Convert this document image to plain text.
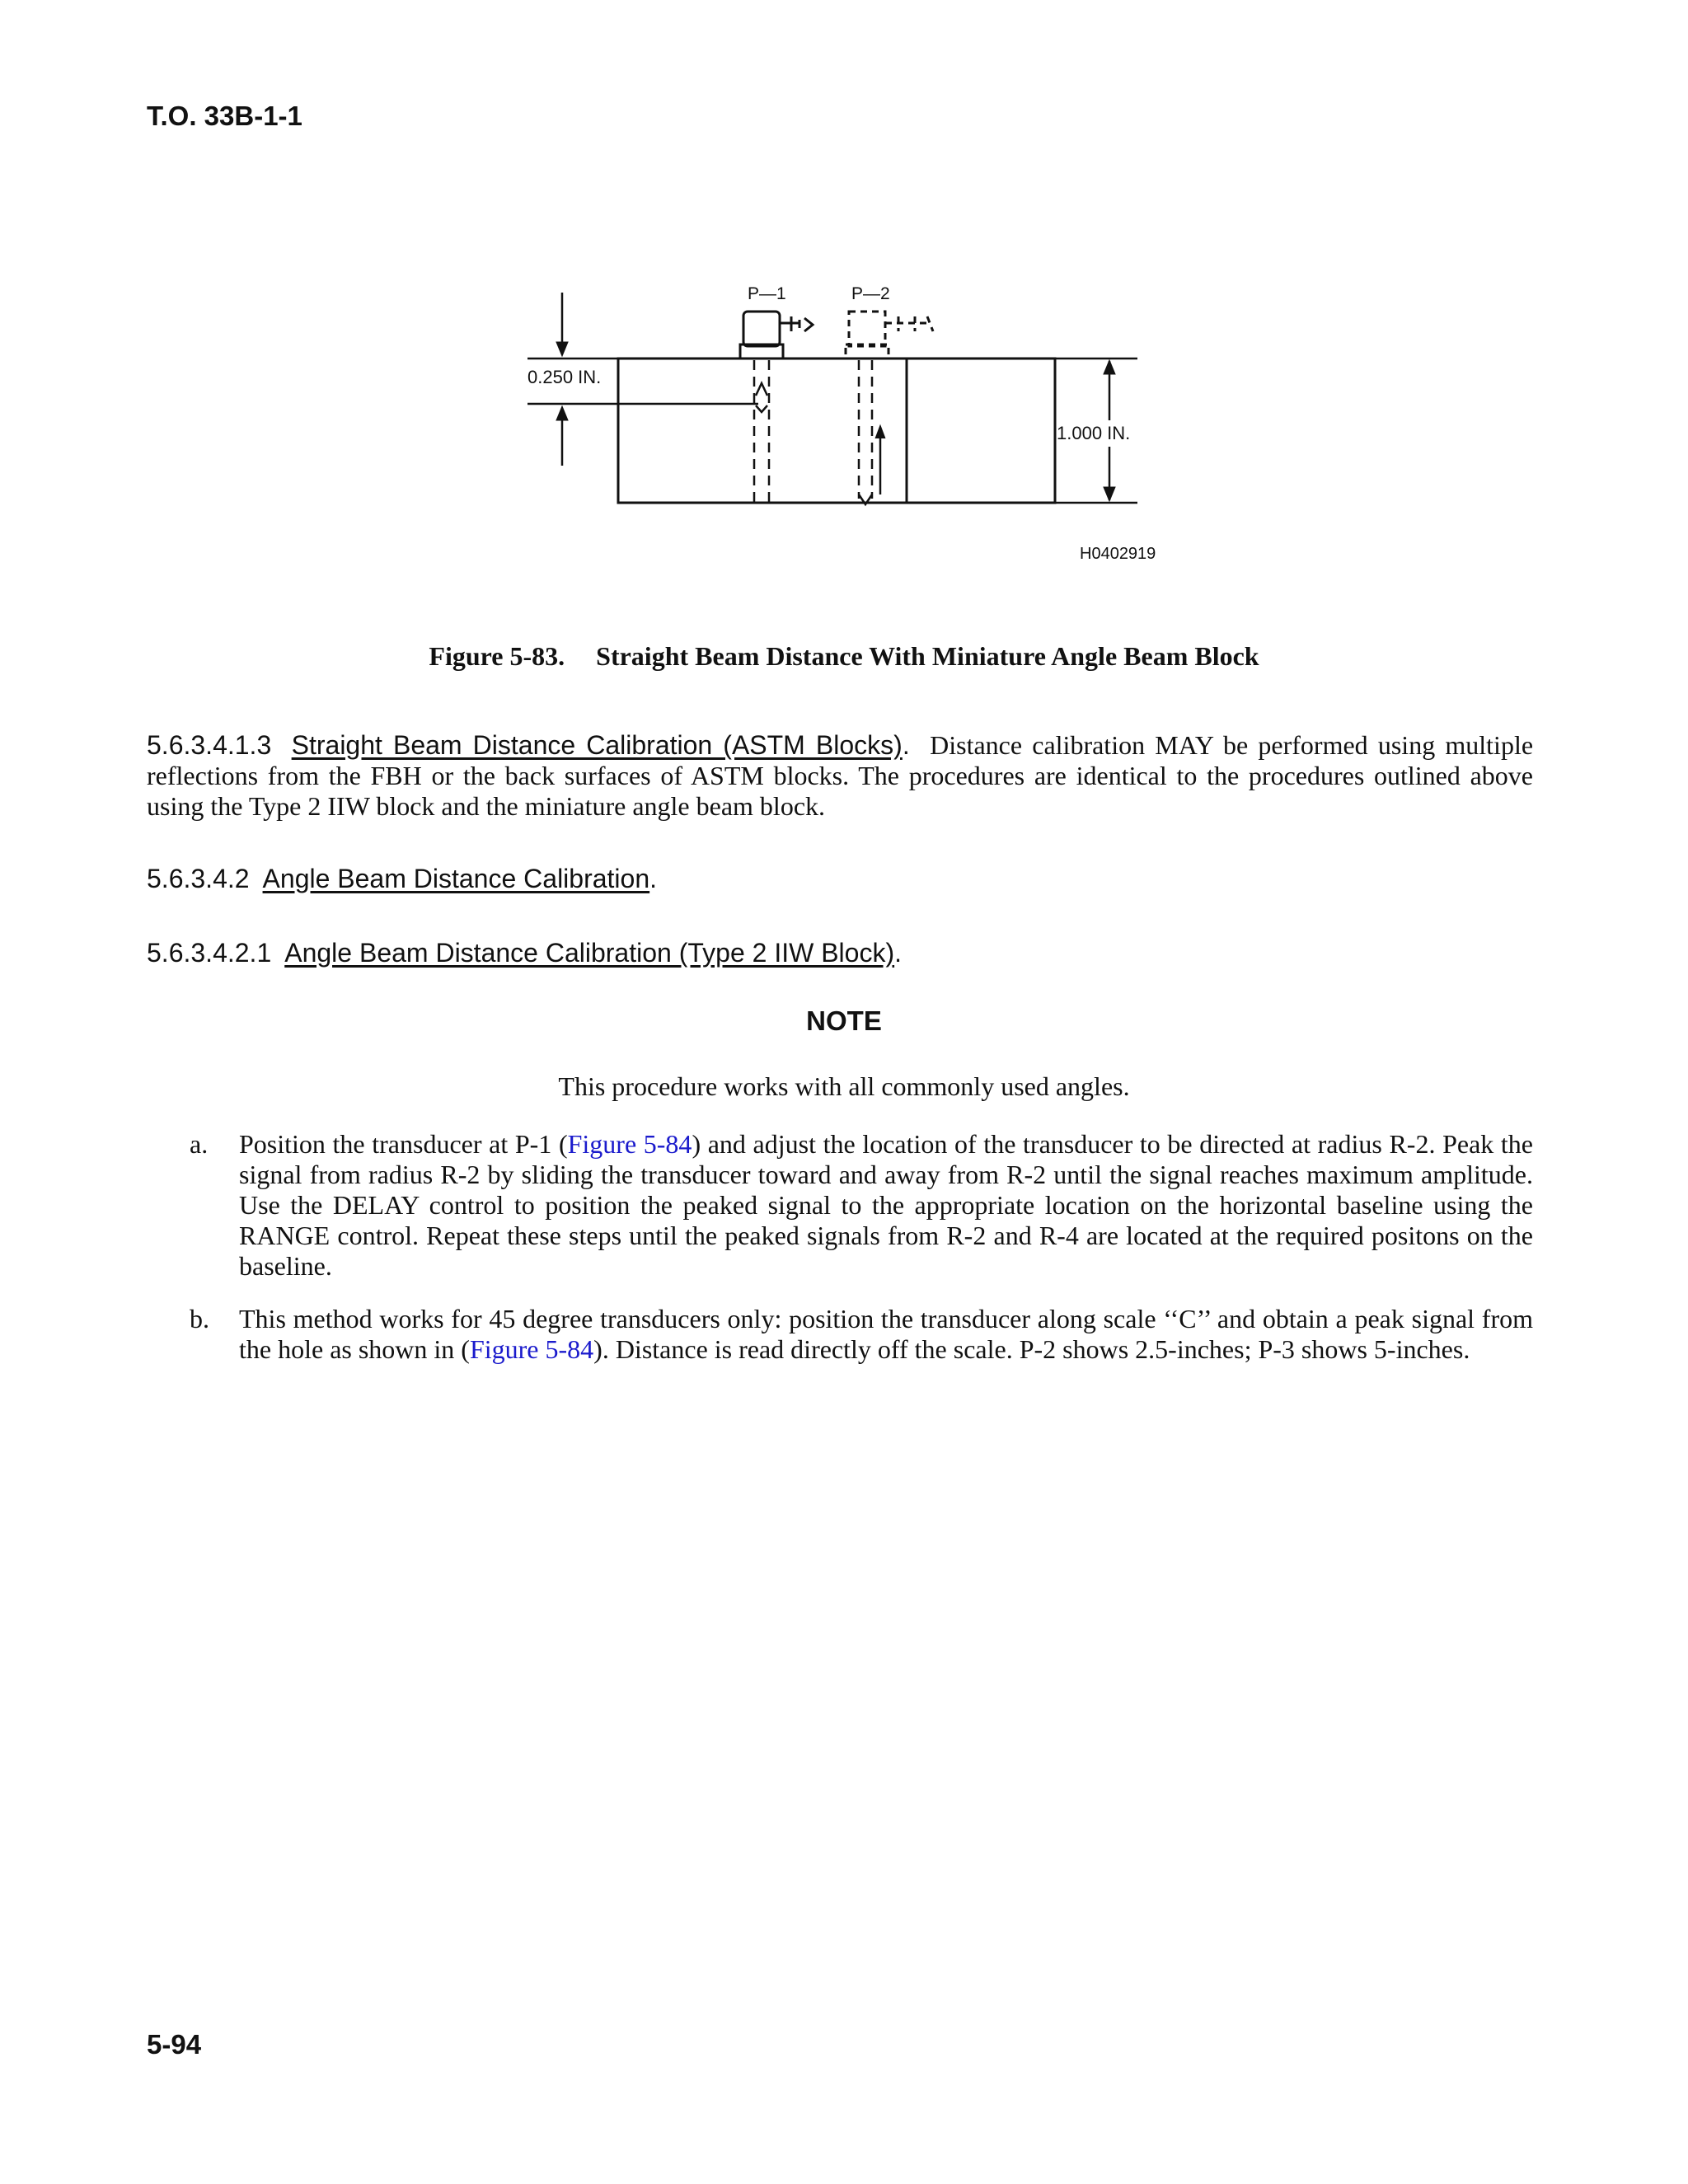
T.O. 33B-1-1
P—1	P—2
0.250 IN.
1.000 IN.
H0402919
Figure 5-83. Straight Beam Distance With Miniature Angle Beam Block
5.6.3.4.1.3 Straight Beam Distance Calibration (ASTM Blocks). Distance calibration MAY be performed using multiple reflections from the FBH or the back surfaces of ASTM blocks. The procedures are identical to the procedures outlined above using the Type 2 IIW block and the miniature angle beam block.
5.6.3.4.2 Angle Beam Distance Calibration.
5.6.3.4.2.1 Angle Beam Distance Calibration (Type 2 IIW Block).
NOTE
This procedure works with all commonly used angles.
a.	Position the transducer at P-1 (Figure 5-84) and adjust the location of the transducer to be directed at radius R-2. Peak the signal from radius R-2 by sliding the transducer toward and away from R-2 until the signal reaches maximum amplitude. Use the DELAY control to position the peaked signal to the appropriate location on the horizontal baseline using the RANGE control. Repeat these steps until the peaked signals from R-2 and R-4 are located at the required positons on the baseline.
b.	This method works for 45 degree transducers only: position the transducer along scale ‘‘C’’ and obtain a peak signal from the hole as shown in (Figure 5-84). Distance is read directly off the scale. P-2 shows 2.5-inches; P-3 shows 5-inches.
5-94
